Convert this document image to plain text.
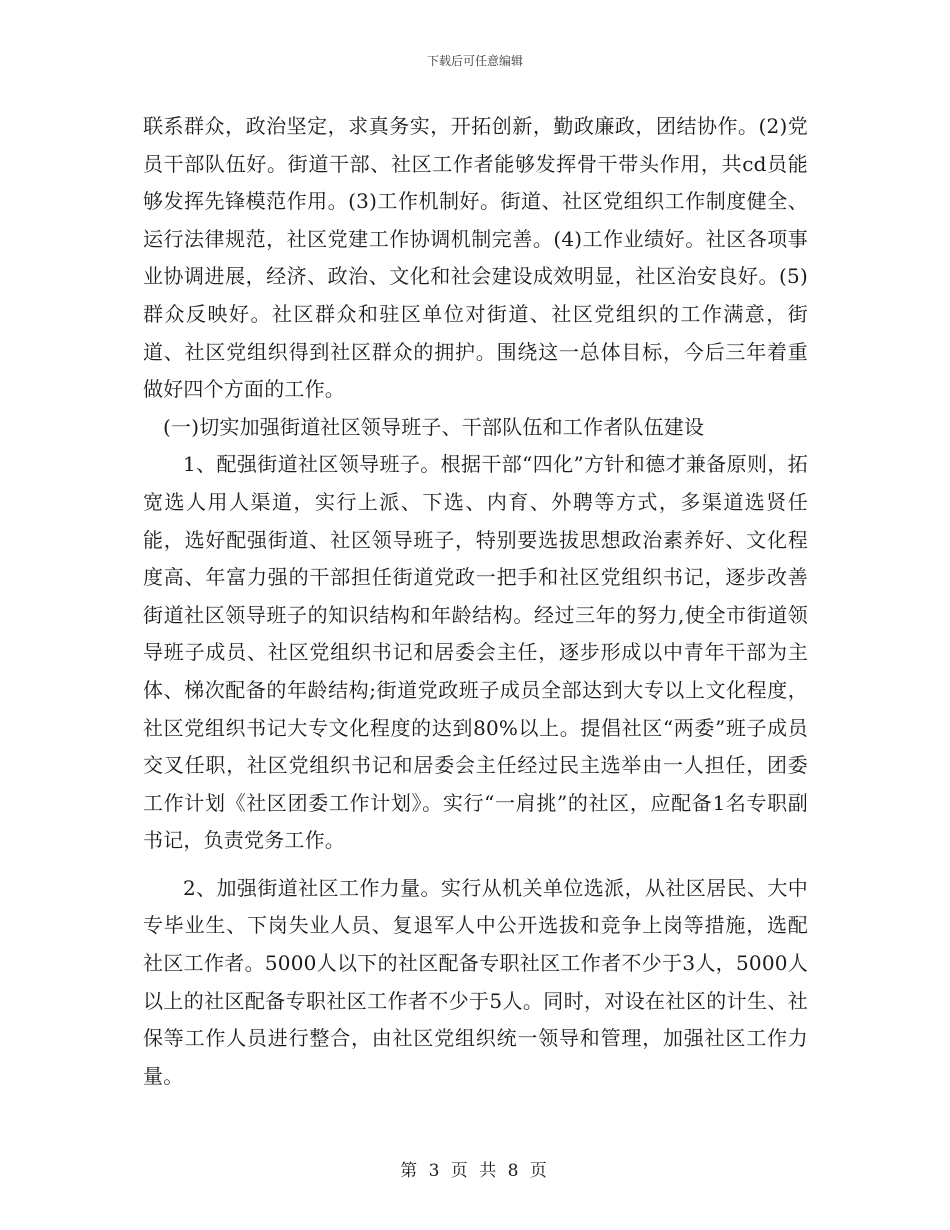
下载后可任意编辑

联系群众，政治坚定，求真务实，开拓创新，勤政廉政，团结协作。(2)党员干部队伍好。街道干部、社区工作者能够发挥骨干带头作用，共cd员能够发挥先锋模范作用。(3)工作机制好。街道、社区党组织工作制度健全、运行法律规范，社区党建工作协调机制完善。(4)工作业绩好。社区各项事业协调进展，经济、政治、文化和社会建设成效明显，社区治安良好。(5)群众反映好。社区群众和驻区单位对街道、社区党组织的工作满意，街道、社区党组织得到社区群众的拥护。围绕这一总体目标，今后三年着重做好四个方面的工作。

(一)切实加强街道社区领导班子、干部队伍和工作者队伍建设

1、配强街道社区领导班子。根据干部“四化”方针和德才兼备原则，拓宽选人用人渠道，实行上派、下选、内育、外聘等方式，多渠道选贤任能，选好配强街道、社区领导班子，特别要选拔思想政治素养好、文化程度高、年富力强的干部担任街道党政一把手和社区党组织书记，逐步改善街道社区领导班子的知识结构和年龄结构。经过三年的努力,使全市街道领导班子成员、社区党组织书记和居委会主任，逐步形成以中青年干部为主体、梯次配备的年龄结构;街道党政班子成员全部达到大专以上文化程度，社区党组织书记大专文化程度的达到80%以上。提倡社区“两委”班子成员交叉任职，社区党组织书记和居委会主任经过民主选举由一人担任，团委工作计划《社区团委工作计划》。实行“一肩挑”的社区，应配备1名专职副书记，负责党务工作。

2、加强街道社区工作力量。实行从机关单位选派，从社区居民、大中专毕业生、下岗失业人员、复退军人中公开选拔和竞争上岗等措施，选配社区工作者。5000人以下的社区配备专职社区工作者不少于3人，5000人以上的社区配备专职社区工作者不少于5人。同时，对设在社区的计生、社保等工作人员进行整合，由社区党组织统一领导和管理，加强社区工作力量。

第 3 页 共 8 页
